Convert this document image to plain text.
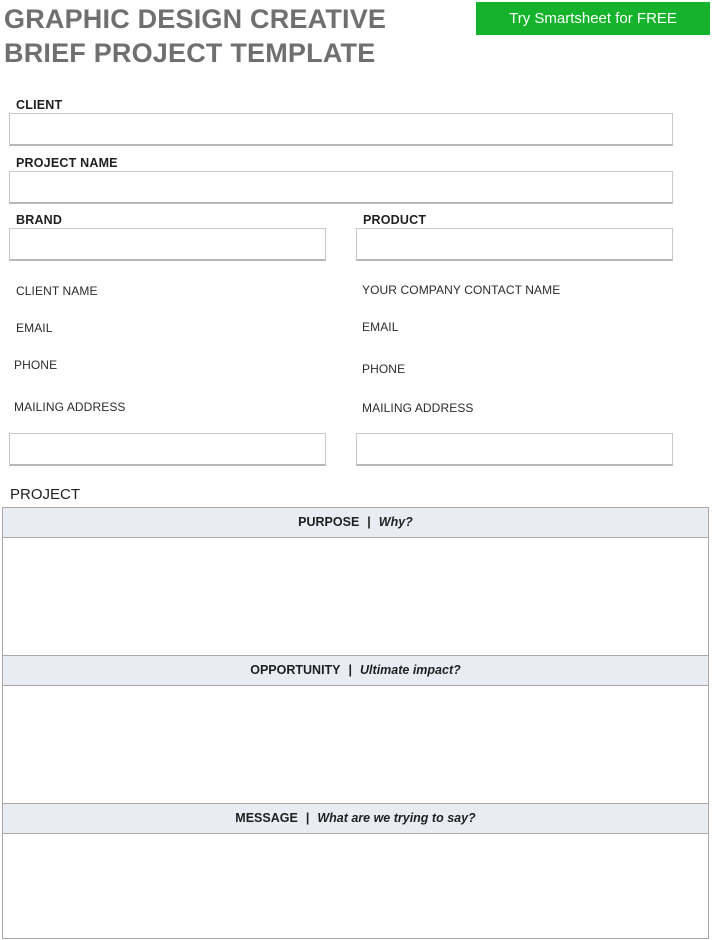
GRAPHIC DESIGN CREATIVE BRIEF PROJECT TEMPLATE
Try Smartsheet for FREE
CLIENT
PROJECT NAME
BRAND	PRODUCT
CLIENT NAME
EMAIL
PHONE
MAILING ADDRESS
YOUR COMPANY CONTACT NAME
EMAIL
PHONE
MAILING ADDRESS
PROJECT
PURPOSE | Why?
OPPORTUNITY | Ultimate impact?
MESSAGE | What are we trying to say?
